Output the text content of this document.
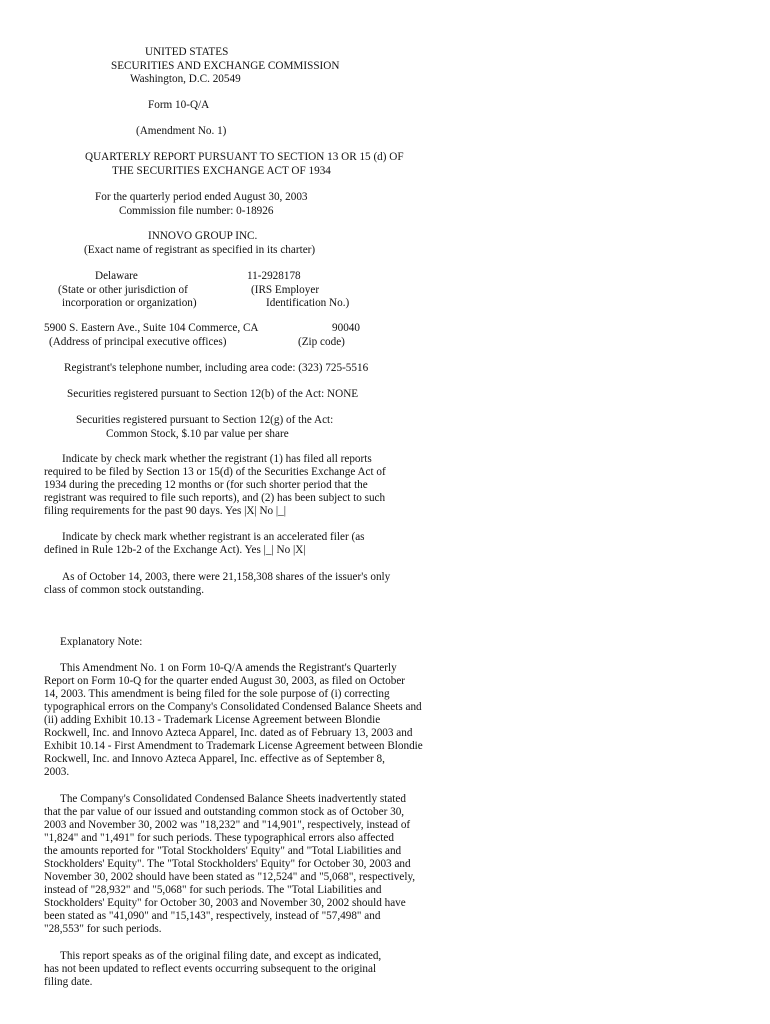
UNITED STATES
SECURITIES AND EXCHANGE COMMISSION
Washington, D.C. 20549
Form 10-Q/A
(Amendment No. 1)
QUARTERLY REPORT PURSUANT TO SECTION 13 OR 15 (d) OF
THE SECURITIES EXCHANGE ACT OF 1934
For the quarterly period ended August 30, 2003
Commission file number: 0-18926
INNOVO GROUP INC.
(Exact name of registrant as specified in its charter)
Delaware	11-2928178
(State or other jurisdiction of	(IRS Employer
incorporation or organization)	Identification No.)
5900 S. Eastern Ave., Suite 104 Commerce, CA	90040
(Address of principal executive offices)	(Zip code)
Registrant's telephone number, including area code: (323) 725-5516
Securities registered pursuant to Section 12(b) of the Act: NONE
Securities registered pursuant to Section 12(g) of the Act:
Common Stock, $.10 par value per share
Indicate by check mark whether the registrant (1) has filed all reports
required to be filed by Section 13 or 15(d) of the Securities Exchange Act of
1934 during the preceding 12 months or (for such shorter period that the
registrant was required to file such reports), and (2) has been subject to such
filing requirements for the past 90 days. Yes |X| No |_|
Indicate by check mark whether registrant is an accelerated filer (as
defined in Rule 12b-2 of the Exchange Act). Yes |_| No |X|
As of October 14, 2003, there were 21,158,308 shares of the issuer's only
class of common stock outstanding.
Explanatory Note:
This Amendment No. 1 on Form 10-Q/A amends the Registrant's Quarterly
Report on Form 10-Q for the quarter ended August 30, 2003, as filed on October
14, 2003. This amendment is being filed for the sole purpose of (i) correcting
typographical errors on the Company's Consolidated Condensed Balance Sheets and
(ii) adding Exhibit 10.13 - Trademark License Agreement between Blondie
Rockwell, Inc. and Innovo Azteca Apparel, Inc. dated as of February 13, 2003 and
Exhibit 10.14 - First Amendment to Trademark License Agreement between Blondie
Rockwell, Inc. and Innovo Azteca Apparel, Inc. effective as of September 8,
2003.
The Company's Consolidated Condensed Balance Sheets inadvertently stated
that the par value of our issued and outstanding common stock as of October 30,
2003 and November 30, 2002 was "18,232" and "14,901", respectively, instead of
"1,824" and "1,491" for such periods. These typographical errors also affected
the amounts reported for "Total Stockholders' Equity" and "Total Liabilities and
Stockholders' Equity". The "Total Stockholders' Equity" for October 30, 2003 and
November 30, 2002 should have been stated as "12,524" and "5,068", respectively,
instead of "28,932" and "5,068" for such periods. The "Total Liabilities and
Stockholders' Equity" for October 30, 2003 and November 30, 2002 should have
been stated as "41,090" and "15,143", respectively, instead of "57,498" and
"28,553" for such periods.
This report speaks as of the original filing date, and except as indicated,
has not been updated to reflect events occurring subsequent to the original
filing date.
